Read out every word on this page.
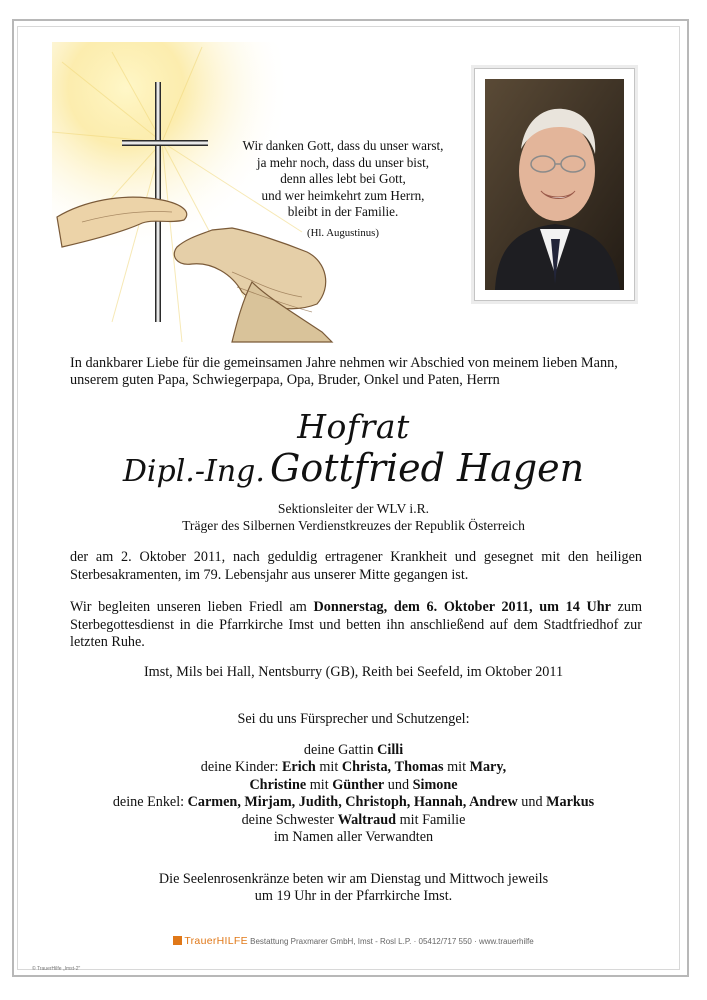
Wir danken Gott, dass du unser warst,
ja mehr noch, dass du unser bist,
denn alles lebt bei Gott,
und wer heimkehrt zum Herrn,
bleibt in der Familie.
(Hl. Augustinus)

In dankbarer Liebe für die gemeinsamen Jahre nehmen wir Abschied von meinem lieben Mann,

unserem guten Papa, Schwiegerpapa, Opa, Bruder, Onkel und Paten, Herrn

Hofrat
Dipl.-Ing. Gottfried Hagen
Sektionsleiter der WLV i.R.
Träger des Silbernen Verdienstkreuzes der Republik Österreich

der am 2. Oktober 2011, nach geduldig ertragener Krankheit und gesegnet mit den heiligen Sterbesakramenten, im 79. Lebensjahr aus unserer Mitte gegangen ist.

Wir begleiten unseren lieben Friedl am Donnerstag, dem 6. Oktober 2011, um 14 Uhr zum Sterbegottesdienst in die Pfarrkirche Imst und betten ihn anschließend auf dem Stadtfriedhof zur letzten Ruhe.

Imst, Mils bei Hall, Nentsburry (GB), Reith bei Seefeld, im Oktober 2011
Sei du uns Fürsprecher und Schutzengel:

deine Gattin Cilli

deine Kinder: Erich mit Christa, Thomas mit Mary,

Christine mit Günther und Simone

deine Enkel: Carmen, Mirjam, Judith, Christoph, Hannah, Andrew und Markus

deine Schwester Waltraud mit Familie

im Namen aller Verwandten

Die Seelenrosenkränze beten wir am Dienstag und Mittwoch jeweils

um 19 Uhr in der Pfarrkirche Imst.

TrauerHILFE Bestattung Praxmarer GmbH, Imst - Rosl L.P. · 05412/717 550 · www.trauerhilfe
© TrauerHilfe „Imst-2"
